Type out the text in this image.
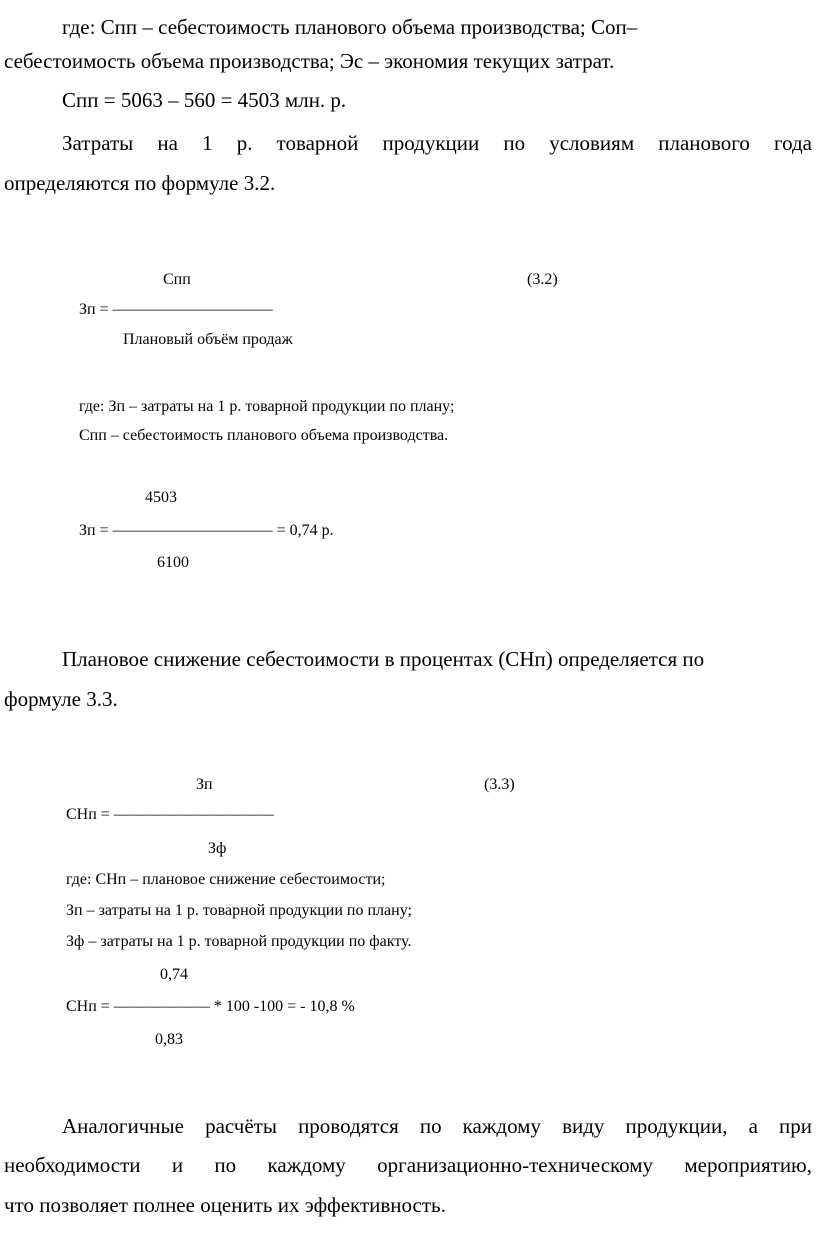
где: Спп – себестоимость планового объема производства; Соп–
себестоимость объема производства; Эс – экономия текущих затрат.
Спп = 5063 – 560 = 4503 млн. р.
Затраты на 1 р. товарной продукции по условиям планового года
определяются по формуле 3.2.
Спп	(3.2)
Зп = ——————————
Плановый объём продаж
где: Зп – затраты на 1 р. товарной продукции по плану;
Спп – себестоимость планового объема производства.
4503
Зп = —————————— = 0,74 р.
6100
Плановое снижение себестоимости в процентах (СНп) определяется по
формуле 3.3.
Зп	(3.3)
СНп = ——————————
Зф
где: СНп – плановое снижение себестоимости;
Зп – затраты на 1 р. товарной продукции по плану;
Зф – затраты на 1 р. товарной продукции по факту.
0,74
СНп = —————— * 100 -100 = - 10,8 %
0,83
Аналогичные расчёты проводятся по каждому виду продукции, а при
необходимости и по каждому организационно-техническому мероприятию,
что позволяет полнее оценить их эффективность.
